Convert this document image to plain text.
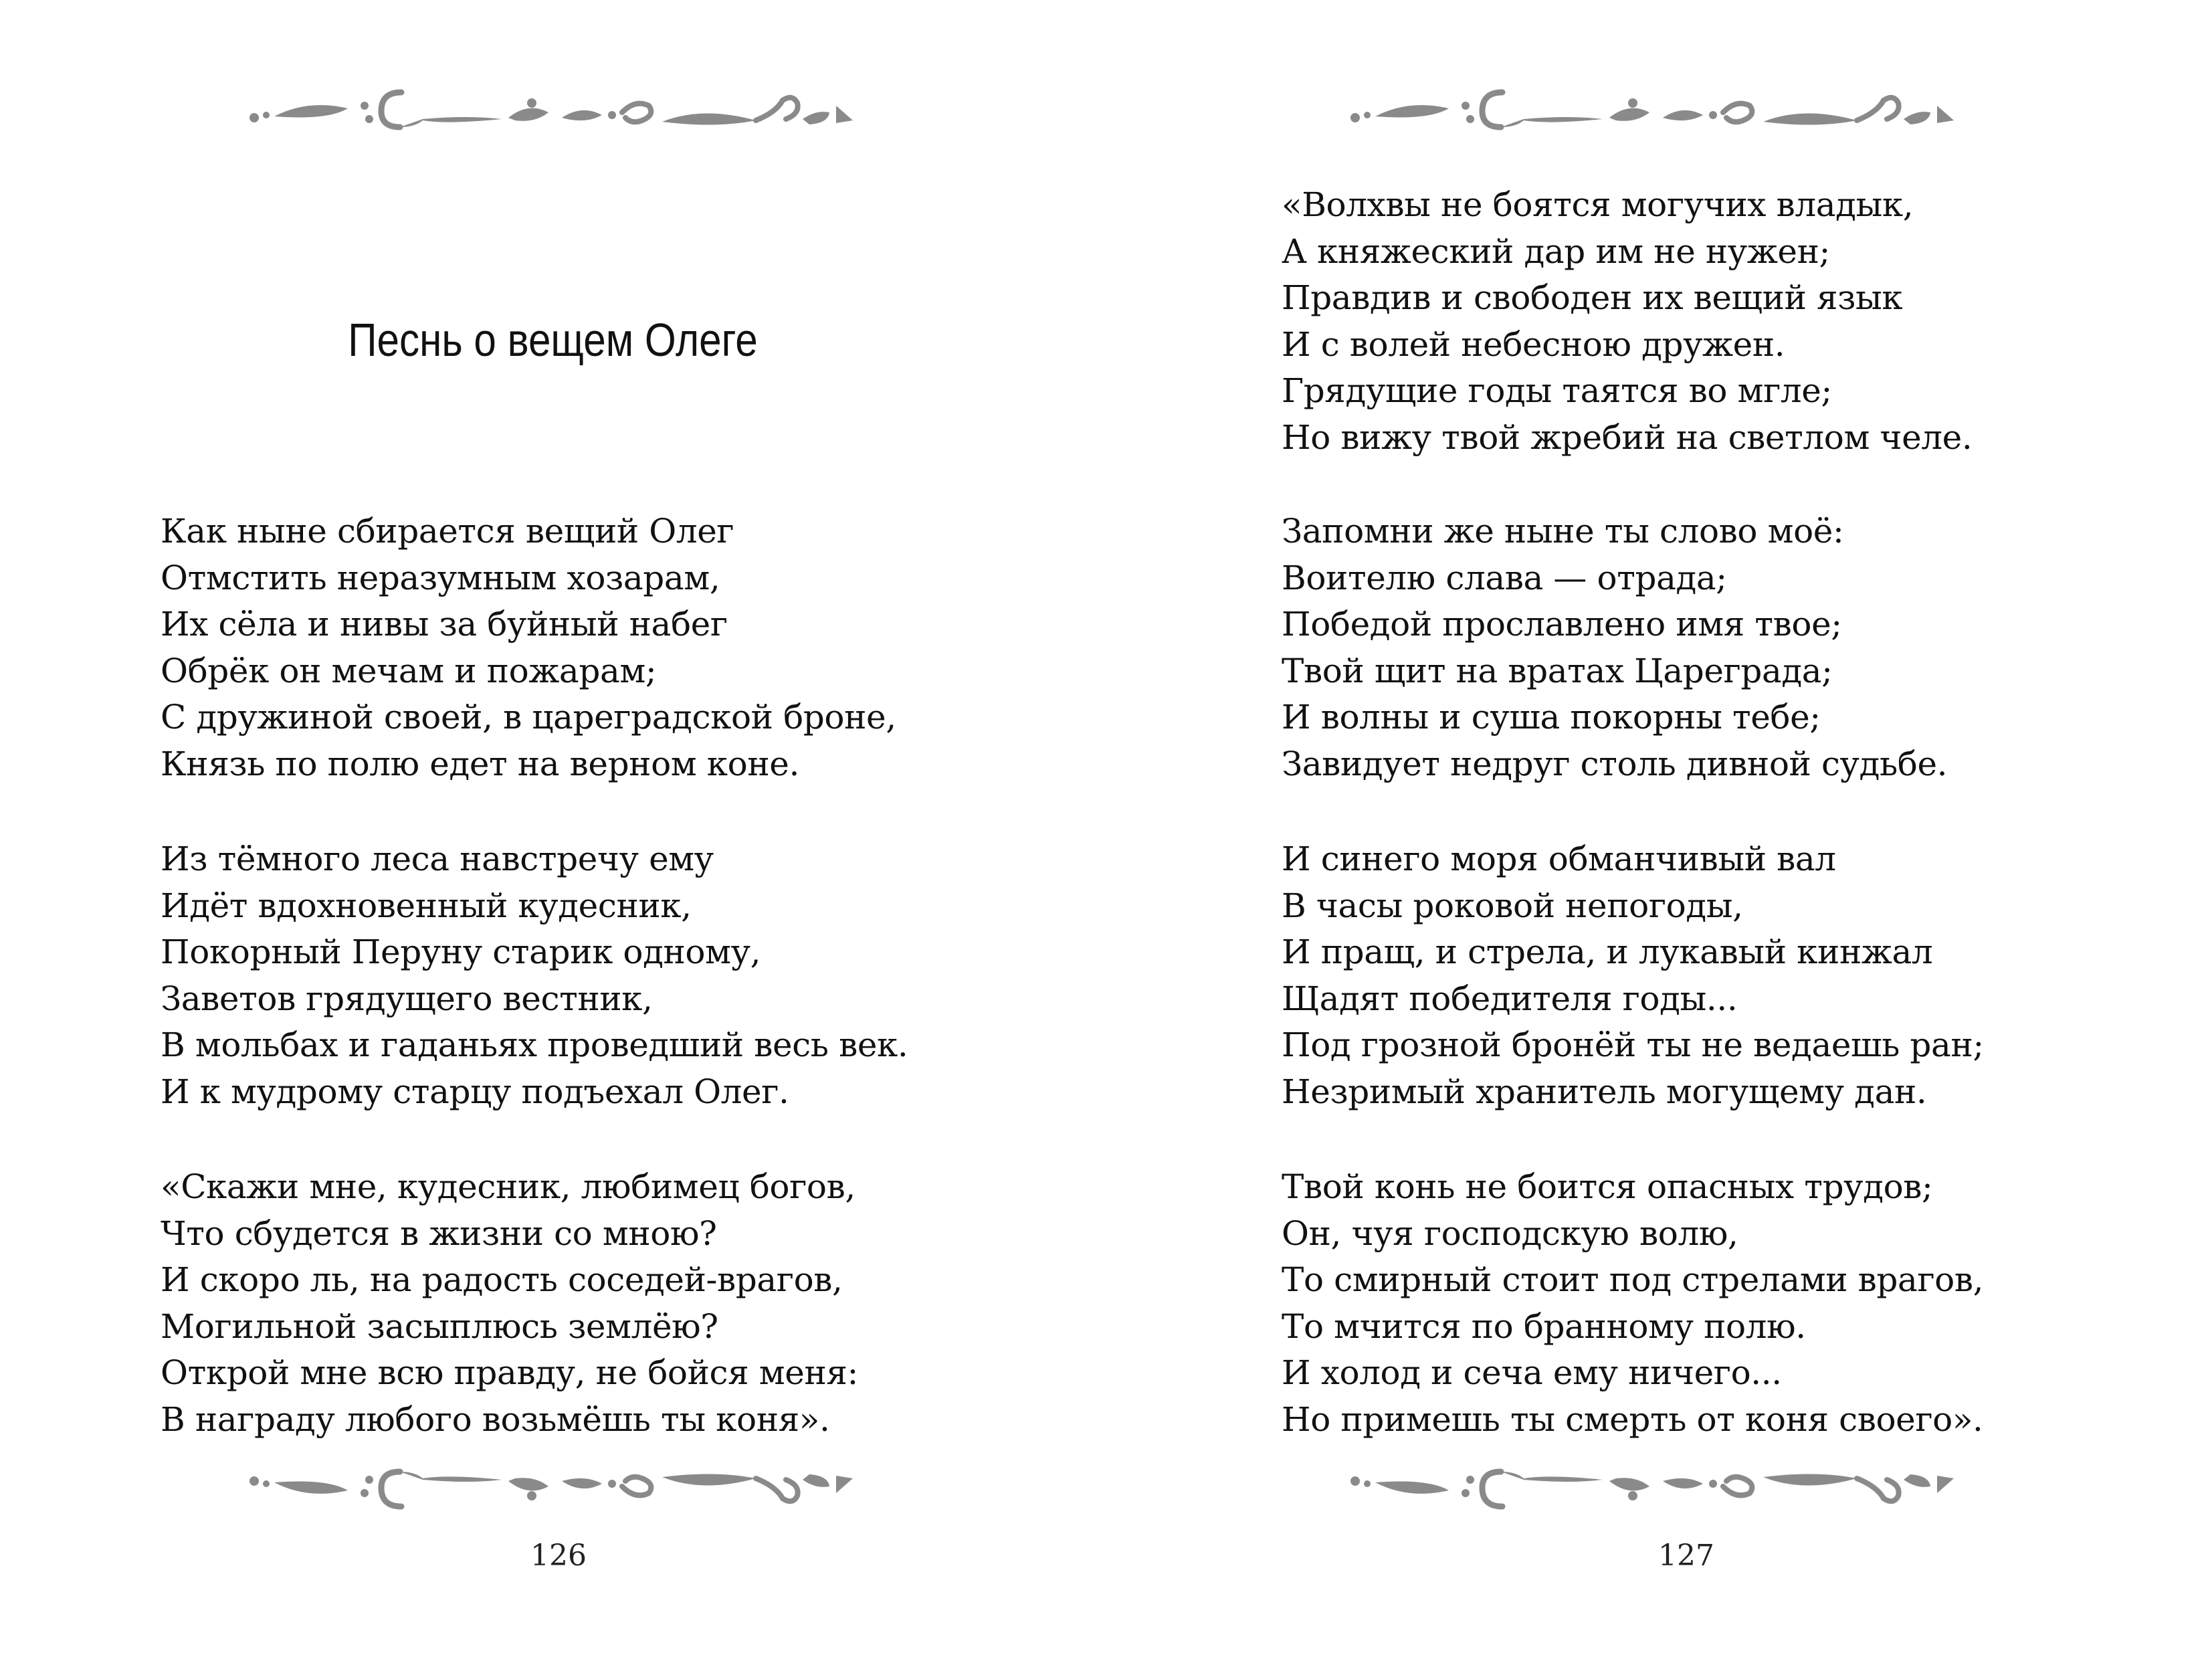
Песнь о вещем Олеге
Как ныне сбирается вещий Олег
Отмстить неразумным хозарам,
Их сёла и нивы за буйный набег
Обрёк он мечам и пожарам;
С дружиной своей, в цареградской броне,
Князь по полю едет на верном коне.
Из тёмного леса навстречу ему
Идёт вдохновенный кудесник,
Покорный Перуну старик одному,
Заветов грядущего вестник,
В мольбах и гаданьях проведший весь век.
И к мудрому старцу подъехал Олег.
«Скажи мне, кудесник, любимец богов,
Что сбудется в жизни со мною?
И скоро ль, на радость соседей-врагов,
Могильной засыплюсь землёю?
Открой мне всю правду, не бойся меня:
В награду любого возьмёшь ты коня».
126
«Волхвы не боятся могучих владык,
А княжеский дар им не нужен;
Правдив и свободен их вещий язык
И с волей небесною дружен.
Грядущие годы таятся во мгле;
Но вижу твой жребий на светлом челе.
Запомни же ныне ты слово моё:
Воителю слава — отрада;
Победой прославлено имя твое;
Твой щит на вратах Цареграда;
И волны и суша покорны тебе;
Завидует недруг столь дивной судьбе.
И синего моря обманчивый вал
В часы роковой непогоды,
И пращ, и стрела, и лукавый кинжал
Щадят победителя годы...
Под грозной бронёй ты не ведаешь ран;
Незримый хранитель могущему дан.
Твой конь не боится опасных трудов;
Он, чуя господскую волю,
То смирный стоит под стрелами врагов,
То мчится по бранному полю.
И холод и сеча ему ничего...
Но примешь ты смерть от коня своего».
127
